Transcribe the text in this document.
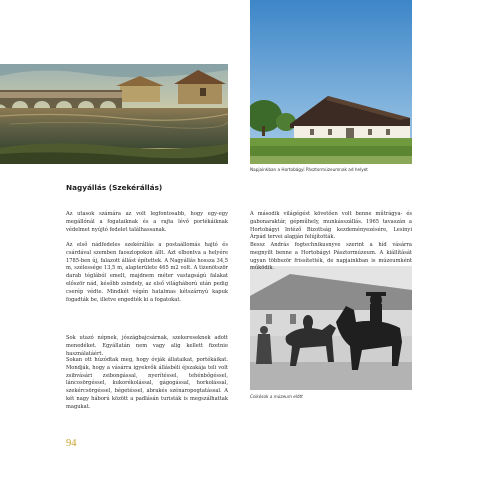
Napjainkban a Hortobágyi Pásztormúzeumnak ad helyet
Csikósok a múzeum előtt
Nagyállás (Szekérállás)

Az utasok számára az volt legfontosabb, hogy egy-egy megállónál a fogataiknak és a rajta lévő portékáiknak védelmet nyújtó fedelet találhassanak.

Az első nádfedeles szekérállás a postaállomás hajtó és csárdával szemben faoszlopokon állt. Azt elbontva a helyére 1785-ben új, falazott állást építettek. A Nagyállás hossza 34,5 m, szélessége 13,5 m, alapterülete 465 m2 volt. A tizenötször darab téglából emelt, majdnem méter vastagságú falakat először nád, később zsindely, az első világháború után pedig cserép védte. Mindkét végén hatalmas kétszárnyú kapuk fogadták be, illetve engedték ki a fogatokat.

Sok utazó népnek, jószágbajcsárnak, szekereseknek adott menedéket. Egyállatán nem vagy alig kellett fizetnie használatáért.

Sokan ott húzódtak meg, hogy óvják állataikat, portékáikat. Mondják, hogy a vásárra igyekvők állásbéli éjszakája teli volt zsibvásári zsibongással, nyerítéssel, tehénbőgéssel, láncosörgéssel, kukorékolással, gágogással, horkolással, szekércsörgéssel, bégetéssel, abrakés szénaropogtatással. A két nagy háború között a padlásán turisták is megszálhattak magukat.

A második világégést követően volt benne műtrágya- és gabonaraktár, gépműhely, munkásszállás. 1965 tavaszán a Hortobágyi Intéző Bizottság kezdeményezésére, Lesinyi Árpád tervei alapján felújították.

Bessz András fogtechnikusnyve szerint a híd vásárra megnyílt benne a Hortobágyi Pásztormúzeum. A kiállítását ugyan többször frissítették, de napjainkban is múzeumként működik.

94
